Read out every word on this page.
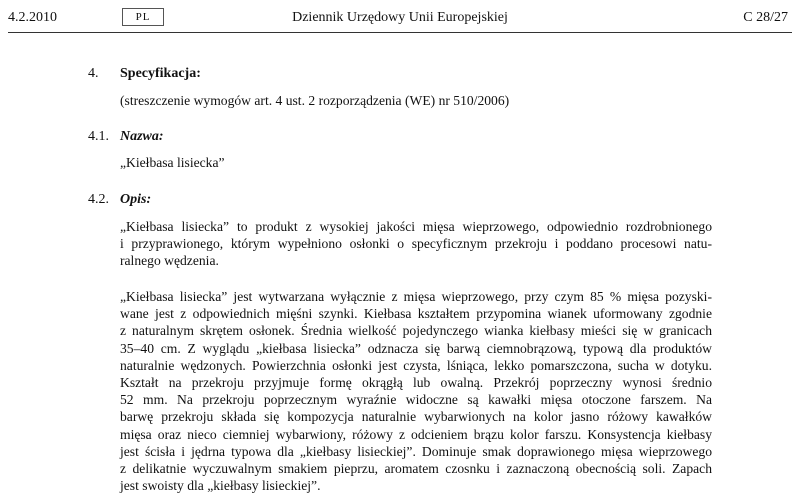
4.2.2010	PL	Dziennik Urzędowy Unii Europejskiej	C 28/27
4. Specyfikacja:
(streszczenie wymogów art. 4 ust. 2 rozporządzenia (WE) nr 510/2006)
4.1. Nazwa:
„Kiełbasa lisiecka”
4.2. Opis:
„Kiełbasa lisiecka” to produkt z wysokiej jakości mięsa wieprzowego, odpowiednio rozdrobnionego
i przyprawionego, którym wypełniono osłonki o specyficznym przekroju i poddano procesowi natu-
ralnego wędzenia.
„Kiełbasa lisiecka” jest wytwarzana wyłącznie z mięsa wieprzowego, przy czym 85 % mięsa pozyski-
wane jest z odpowiednich mięśni szynki. Kiełbasa kształtem przypomina wianek uformowany zgodnie
z naturalnym skrętem osłonek. Średnia wielkość pojedynczego wianka kiełbasy mieści się w granicach
35–40 cm. Z wyglądu „kiełbasa lisiecka” odznacza się barwą ciemnobrązową, typową dla produktów
naturalnie wędzonych. Powierzchnia osłonki jest czysta, lśniąca, lekko pomarszczona, sucha w dotyku.
Kształt na przekroju przyjmuje formę okrągłą lub owalną. Przekrój poprzeczny wynosi średnio
52 mm. Na przekroju poprzecznym wyraźnie widoczne są kawałki mięsa otoczone farszem. Na
barwę przekroju składa się kompozycja naturalnie wybarwionych na kolor jasno różowy kawałków
mięsa oraz nieco ciemniej wybarwiony, różowy z odcieniem brązu kolor farszu. Konsystencja kiełbasy
jest ścisła i jędrna typowa dla „kiełbasy lisieckiej”. Dominuje smak doprawionego mięsa wieprzowego
z delikatnie wyczuwalnym smakiem pieprzu, aromatem czosnku i zaznaczoną obecnością soli. Zapach
jest swoisty dla „kiełbasy lisieckiej”.
